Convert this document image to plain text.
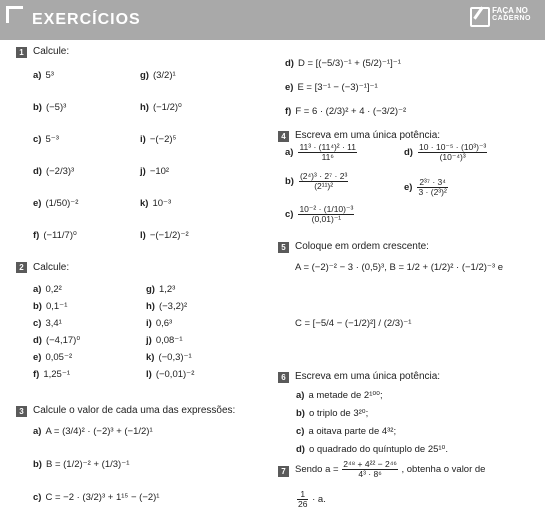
EXERCÍCIOS
FAÇA NO
CADERNO
1 Calcule:
a) 5³	g) (3/2)¹
b) (−5)³	h) (−1/2)⁰
c) 5⁻³	i) −(−2)⁵
d) (−2/3)³	j) −10²
e) (1/50)⁻²	k) 10⁻³
f) (−11/7)⁰	l) −(−1/2)⁻²
d) D = [(−5/3)⁻¹ + (5/2)⁻¹]⁻¹
e) E = [3⁻¹ − (−3)⁻¹]⁻¹
f) F = 6 · (2/3)² + 4 · (−3/2)⁻²
4 Escreva em uma única potência:
$a) \frac{\text{11³ · (11⁴)² · 11}}{\text{11⁶}}$	$d) \frac{\text{10 · 10⁻⁵ · (10³)⁻³}}{\text{(10⁻⁴)³}}$
$b) \frac{\text{(2⁴)³ · 2⁷ · 2³}}{\text{(2¹¹)²}}$	$e) \frac{\text{2³⁷ · 3⁴}}{\text{3 · (2³)²}}$
$c) \frac{\text{10⁻² · (1/10)⁻³}}{\text{(0,01)⁻¹}}$
2 Calcule:
a) 0,2²	g) 1,2³
b) 0,1⁻¹	h) (−3,2)²
c) 3,4¹	i) 0,6³
d) (−4,17)⁰	j) 0,08⁻¹
e) 0,05⁻²	k) (−0,3)⁻¹
f) 1,25⁻¹	l) (−0,01)⁻²
5 Coloque em ordem crescente:
A = (−2)⁻² − 3 · (0,5)³, B = 1/2 + (1/2)² · (−1/2)⁻³ e
C = [−5/4 − (−1/2)²] / (2/3)⁻¹
6 Escreva em uma única potência:
a) a metade de 2¹⁰⁰;
b) o triplo de 3²⁰;
c) a oitava parte de 4³²;
d) o quadrado do quíntuplo de 25¹⁰.
3 Calcule o valor de cada uma das expressões:
a) A = (3/4)² · (−2)³ + (−1/2)¹
b) B = (1/2)⁻² + (1/3)⁻¹
c) C = −2 · (3/2)³ + 1¹⁵ − (−2)¹
7 Sendo $a = \frac{\text{2⁴⁸ + 4²² − 2⁴⁶}}{\text{4³ · 8⁶}}$ , obtenha o valor de
$\frac{1}{26} \cdot a$.
